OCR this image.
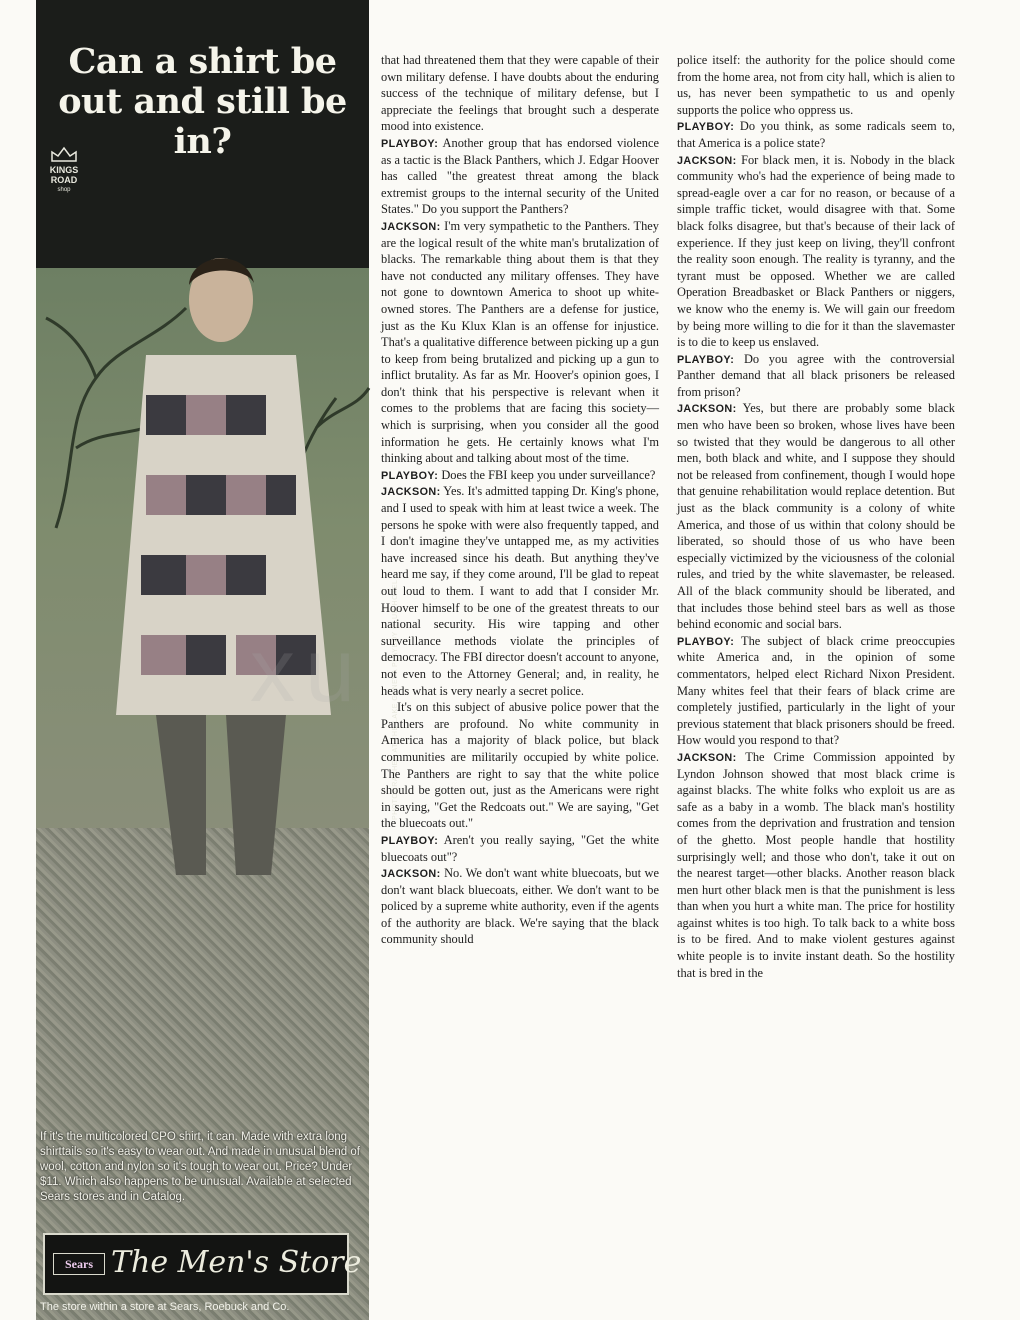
Can a shirt be out and still be in?
KINGS
ROAD
shop
PHOTOGRAPHED AT THE LAKE GENEVA PLAYBOY CLUB-HOTEL

If it's the multicolored CPO shirt, it can. Made with extra long shirttails so it's easy to wear out. And made in unusual blend of wool, cotton and nylon so it's tough to wear out. Price? Under $11. Which also happens to be unusual. Available at selected Sears stores and in Catalog.

Sears The Men's Store
The store within a store at Sears, Roebuck and Co.

that had threatened them that they were capable of their own military defense. I have doubts about the enduring success of the technique of military defense, but I appreciate the feelings that brought such a desperate mood into existence.

PLAYBOY: Another group that has endorsed violence as a tactic is the Black Panthers, which J. Edgar Hoover has called "the greatest threat among the black extremist groups to the internal security of the United States." Do you support the Panthers?

JACKSON: I'm very sympathetic to the Panthers. They are the logical result of the white man's brutalization of blacks. The remarkable thing about them is that they have not conducted any military offenses. They have not gone to downtown America to shoot up white-owned stores. The Panthers are a defense for justice, just as the Ku Klux Klan is an offense for injustice. That's a qualitative difference between picking up a gun to keep from being brutalized and picking up a gun to inflict brutality. As far as Mr. Hoover's opinion goes, I don't think that his perspective is relevant when it comes to the problems that are facing this society—which is surprising, when you consider all the good information he gets. He certainly knows what I'm thinking about and talking about most of the time.

PLAYBOY: Does the FBI keep you under surveillance?

JACKSON: Yes. It's admitted tapping Dr. King's phone, and I used to speak with him at least twice a week. The persons he spoke with were also frequently tapped, and I don't imagine they've untapped me, as my activities have increased since his death. But anything they've heard me say, if they come around, I'll be glad to repeat out loud to them. I want to add that I consider Mr. Hoover himself to be one of the greatest threats to our national security. His wire tapping and other surveillance methods violate the principles of democracy. The FBI director doesn't account to anyone, not even to the Attorney General; and, in reality, he heads what is very nearly a secret police.

It's on this subject of abusive police power that the Panthers are profound. No white community in America has a majority of black police, but black communities are militarily occupied by white police. The Panthers are right to say that the white police should be gotten out, just as the Americans were right in saying, "Get the Redcoats out." We are saying, "Get the bluecoats out."

PLAYBOY: Aren't you really saying, "Get the white bluecoats out"?

JACKSON: No. We don't want white bluecoats, but we don't want black bluecoats, either. We don't want to be policed by a supreme white authority, even if the agents of the authority are black. We're saying that the black community should

police itself: the authority for the police should come from the home area, not from city hall, which is alien to us, has never been sympathetic to us and openly supports the police who oppress us.

PLAYBOY: Do you think, as some radicals seem to, that America is a police state?

JACKSON: For black men, it is. Nobody in the black community who's had the experience of being made to spread-eagle over a car for no reason, or because of a simple traffic ticket, would disagree with that. Some black folks disagree, but that's because of their lack of experience. If they just keep on living, they'll confront the reality soon enough. The reality is tyranny, and the tyrant must be opposed. Whether we are called Operation Breadbasket or Black Panthers or niggers, we know who the enemy is. We will gain our freedom by being more willing to die for it than the slavemaster is to die to keep us enslaved.

PLAYBOY: Do you agree with the controversial Panther demand that all black prisoners be released from prison?

JACKSON: Yes, but there are probably some black men who have been so broken, whose lives have been so twisted that they would be dangerous to all other men, both black and white, and I suppose they should not be released from confinement, though I would hope that genuine rehabilitation would replace detention. But just as the black community is a colony of white America, and those of us within that colony should be liberated, so should those of us who have been especially victimized by the viciousness of the colonial rules, and tried by the white slavemaster, be released. All of the black community should be liberated, and that includes those behind steel bars as well as those behind economic and social bars.

PLAYBOY: The subject of black crime preoccupies white America and, in the opinion of some commentators, helped elect Richard Nixon President. Many whites feel that their fears of black crime are completely justified, particularly in the light of your previous statement that black prisoners should be freed. How would you respond to that?

JACKSON: The Crime Commission appointed by Lyndon Johnson showed that most black crime is against blacks. The white folks who exploit us are as safe as a baby in a womb. The black man's hostility comes from the deprivation and frustration and tension of the ghetto. Most people handle that hostility surprisingly well; and those who don't, take it out on the nearest target—other blacks. Another reason black men hurt other black men is that the punishment is less than when you hurt a white man. The price for hostility against whites is too high. To talk back to a white boss is to be fired. And to make violent gestures against white people is to invite instant death. So the hostility that is bred in the
